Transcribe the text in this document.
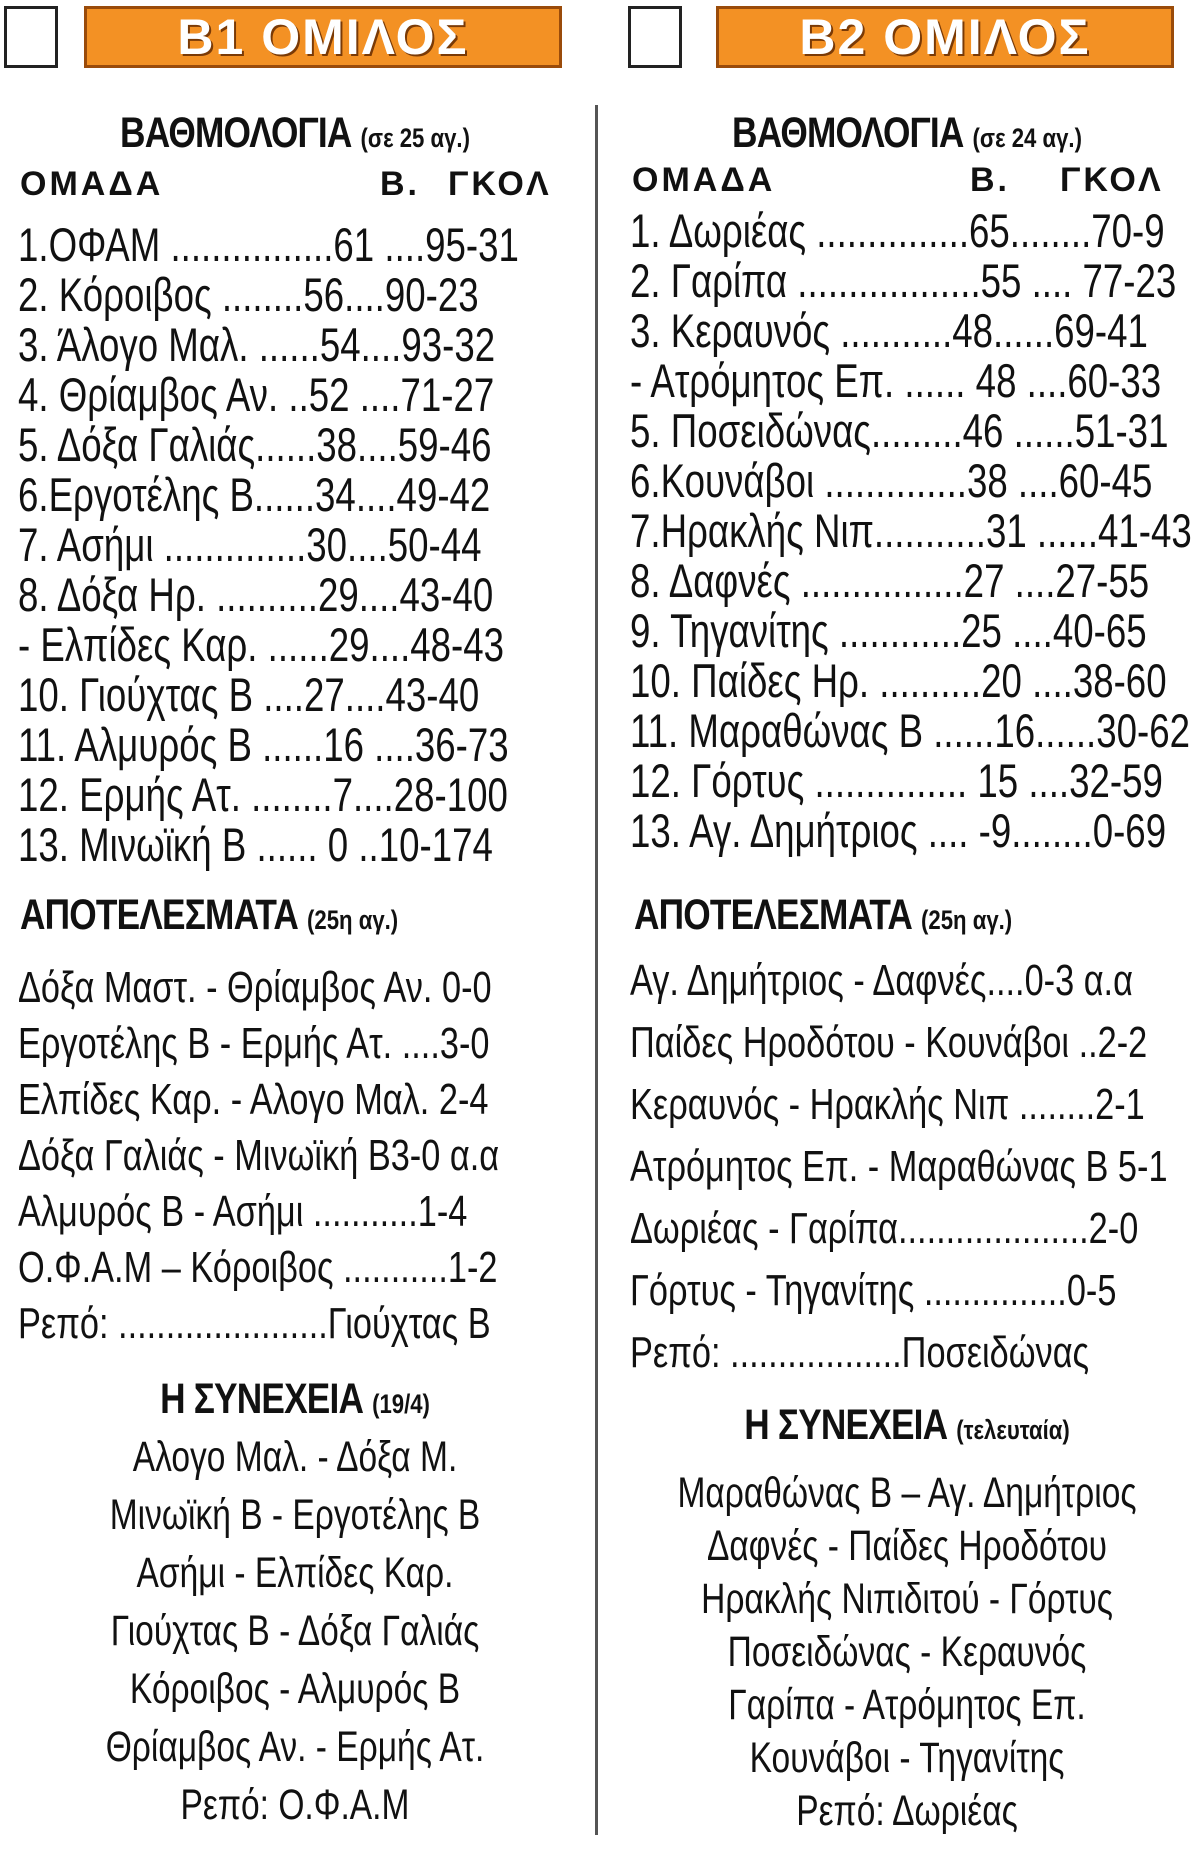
B1 ΟΜΙΛΟΣ
ΒΑΘΜΟΛΟΓΙΑ (σε 25 αγ.)
ΟΜΑΔΑ	Β. ΓΚΟΛ
1.ΟΦΑΜ ................61 ....95-31
2. Κόροιβος ........56....90-23
3. Άλογο Μαλ. ......54....93-32
4. Θρίαμβος Αν. ..52 ....71-27
5. Δόξα Γαλιάς......38....59-46
6.Εργοτέλης Β......34....49-42
7. Ασήμι ..............30....50-44
8. Δόξα Ηρ. ..........29....43-40
- Ελπίδες Καρ. ......29....48-43
10. Γιούχτας Β ....27....43-40
11. Αλμυρός Β ......16 ....36-73
12. Ερμής Ατ. ........7....28-100
13. Μινωϊκή Β ...... 0 ..10-174
ΑΠΟΤΕΛΕΣΜΑΤΑ (25η αγ.)
Δόξα Μαστ. - Θρίαμβος Αν. 0-0
Εργοτέλης Β - Ερμής Ατ. ....3-0
Ελπίδες Καρ. - Αλογο Μαλ. 2-4
Δόξα Γαλιάς - Μινωϊκή Β3-0 α.α
Αλμυρός Β - Ασήμι ...........1-4
Ο.Φ.Α.Μ – Κόροιβος ...........1-2
Ρεπό: ......................Γιούχτας Β
Η ΣΥΝΕΧΕΙΑ (19/4)
Αλογο Μαλ. - Δόξα Μ.
Μινωϊκή Β - Εργοτέλης Β
Ασήμι - Ελπίδες Καρ.
Γιούχτας Β - Δόξα Γαλιάς
Κόροιβος - Αλμυρός Β
Θρίαμβος Αν. - Ερμής Ατ.
Ρεπό: Ο.Φ.Α.Μ
B2 ΟΜΙΛΟΣ
ΒΑΘΜΟΛΟΓΙΑ (σε 24 αγ.)
ΟΜΑΔΑ	Β. ΓΚΟΛ
1. Δωριέας ...............65........70-9
2. Γαρίπα ..................55 .... 77-23
3. Κεραυνός ...........48......69-41
- Ατρόμητος Επ. ...... 48 ....60-33
5. Ποσειδώνας.........46 ......51-31
6.Κουνάβοι ..............38 ....60-45
7.Ηρακλής Νιπ...........31 ......41-43
8. Δαφνές ................27 ....27-55
9. Τηγανίτης ............25 ....40-65
10. Παίδες Ηρ. ..........20 ....38-60
11. Μαραθώνας Β ......16......30-62
12. Γόρτυς ............... 15 ....32-59
13. Αγ. Δημήτριος .... -9........0-69
ΑΠΟΤΕΛΕΣΜΑΤΑ (25η αγ.)
Αγ. Δημήτριος - Δαφνές....0-3 α.α
Παίδες Ηροδότου - Κουνάβοι ..2-2
Κεραυνός - Ηρακλής Νιπ ........2-1
Ατρόμητος Επ. - Μαραθώνας Β 5-1
Δωριέας - Γαρίπα....................2-0
Γόρτυς - Τηγανίτης ...............0-5
Ρεπό: ..................Ποσειδώνας
Η ΣΥΝΕΧΕΙΑ (τελευταία)
Μαραθώνας Β – Αγ. Δημήτριος
Δαφνές - Παίδες Ηροδότου
Ηρακλής Νιπιδιτού - Γόρτυς
Ποσειδώνας - Κεραυνός
Γαρίπα - Ατρόμητος Επ.
Κουνάβοι - Τηγανίτης
Ρεπό: Δωριέας
